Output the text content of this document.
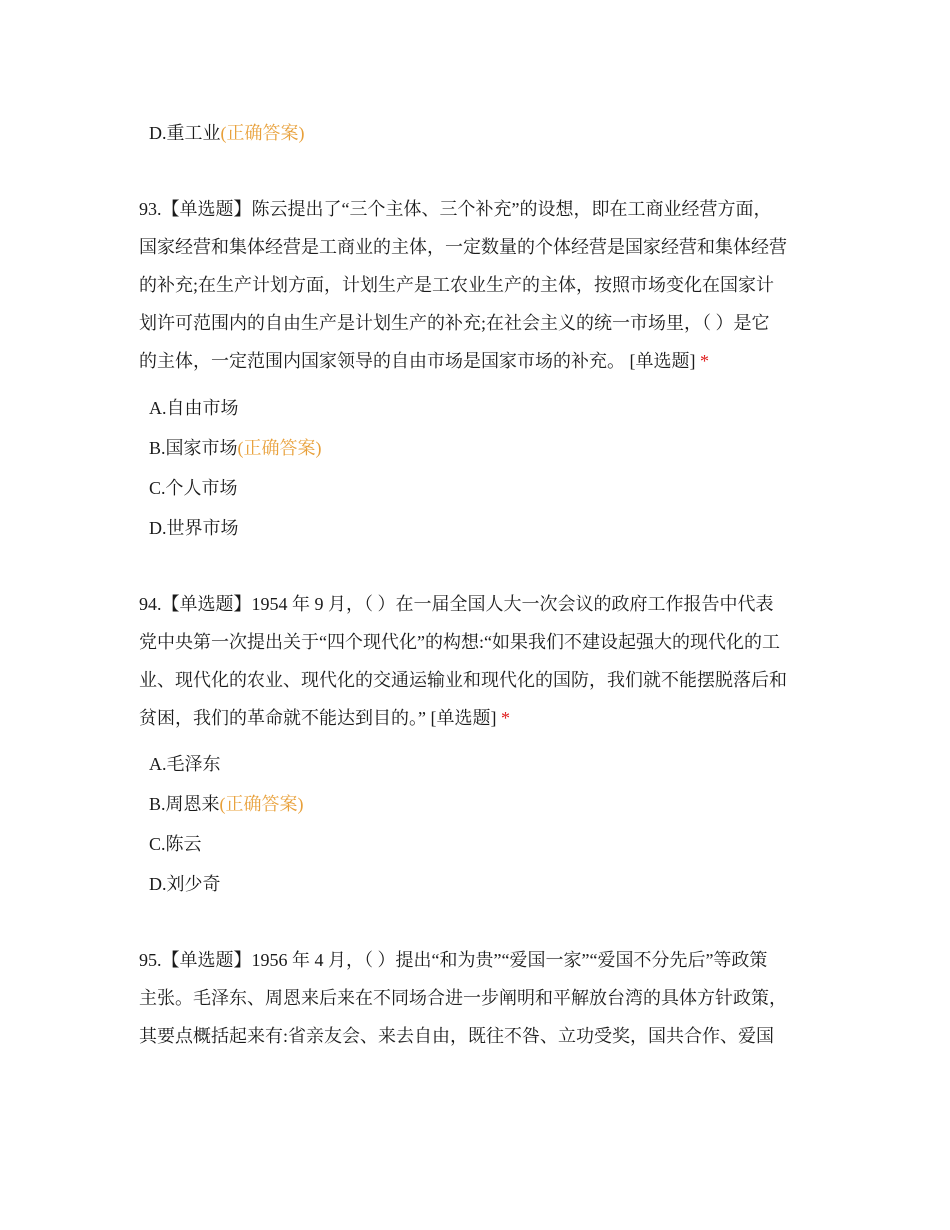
D.重工业(正确答案)
93.【单选题】陈云提出了“三个主体、三个补充”的设想，即在工商业经营方面，
国家经营和集体经营是工商业的主体，一定数量的个体经营是国家经营和集体经营
的补充;在生产计划方面，计划生产是工农业生产的主体，按照市场变化在国家计
划许可范围内的自由生产是计划生产的补充;在社会主义的统一市场里，（ ）是它
的主体，一定范围内国家领导的自由市场是国家市场的补充。 [单选题] *
A.自由市场
B.国家市场(正确答案)
C.个人市场
D.世界市场
94.【单选题】1954 年 9 月，（ ）在一届全国人大一次会议的政府工作报告中代表
党中央第一次提出关于“四个现代化”的构想:“如果我们不建设起强大的现代化的工
业、现代化的农业、现代化的交通运输业和现代化的国防，我们就不能摆脱落后和
贫困，我们的革命就不能达到目的。” [单选题] *
A.毛泽东
B.周恩来(正确答案)
C.陈云
D.刘少奇
95.【单选题】1956 年 4 月，（ ）提出“和为贵”“爱国一家”“爱国不分先后”等政策
主张。毛泽东、周恩来后来在不同场合进一步阐明和平解放台湾的具体方针政策，
其要点概括起来有:省亲友会、来去自由，既往不咎、立功受奖，国共合作、爱国
